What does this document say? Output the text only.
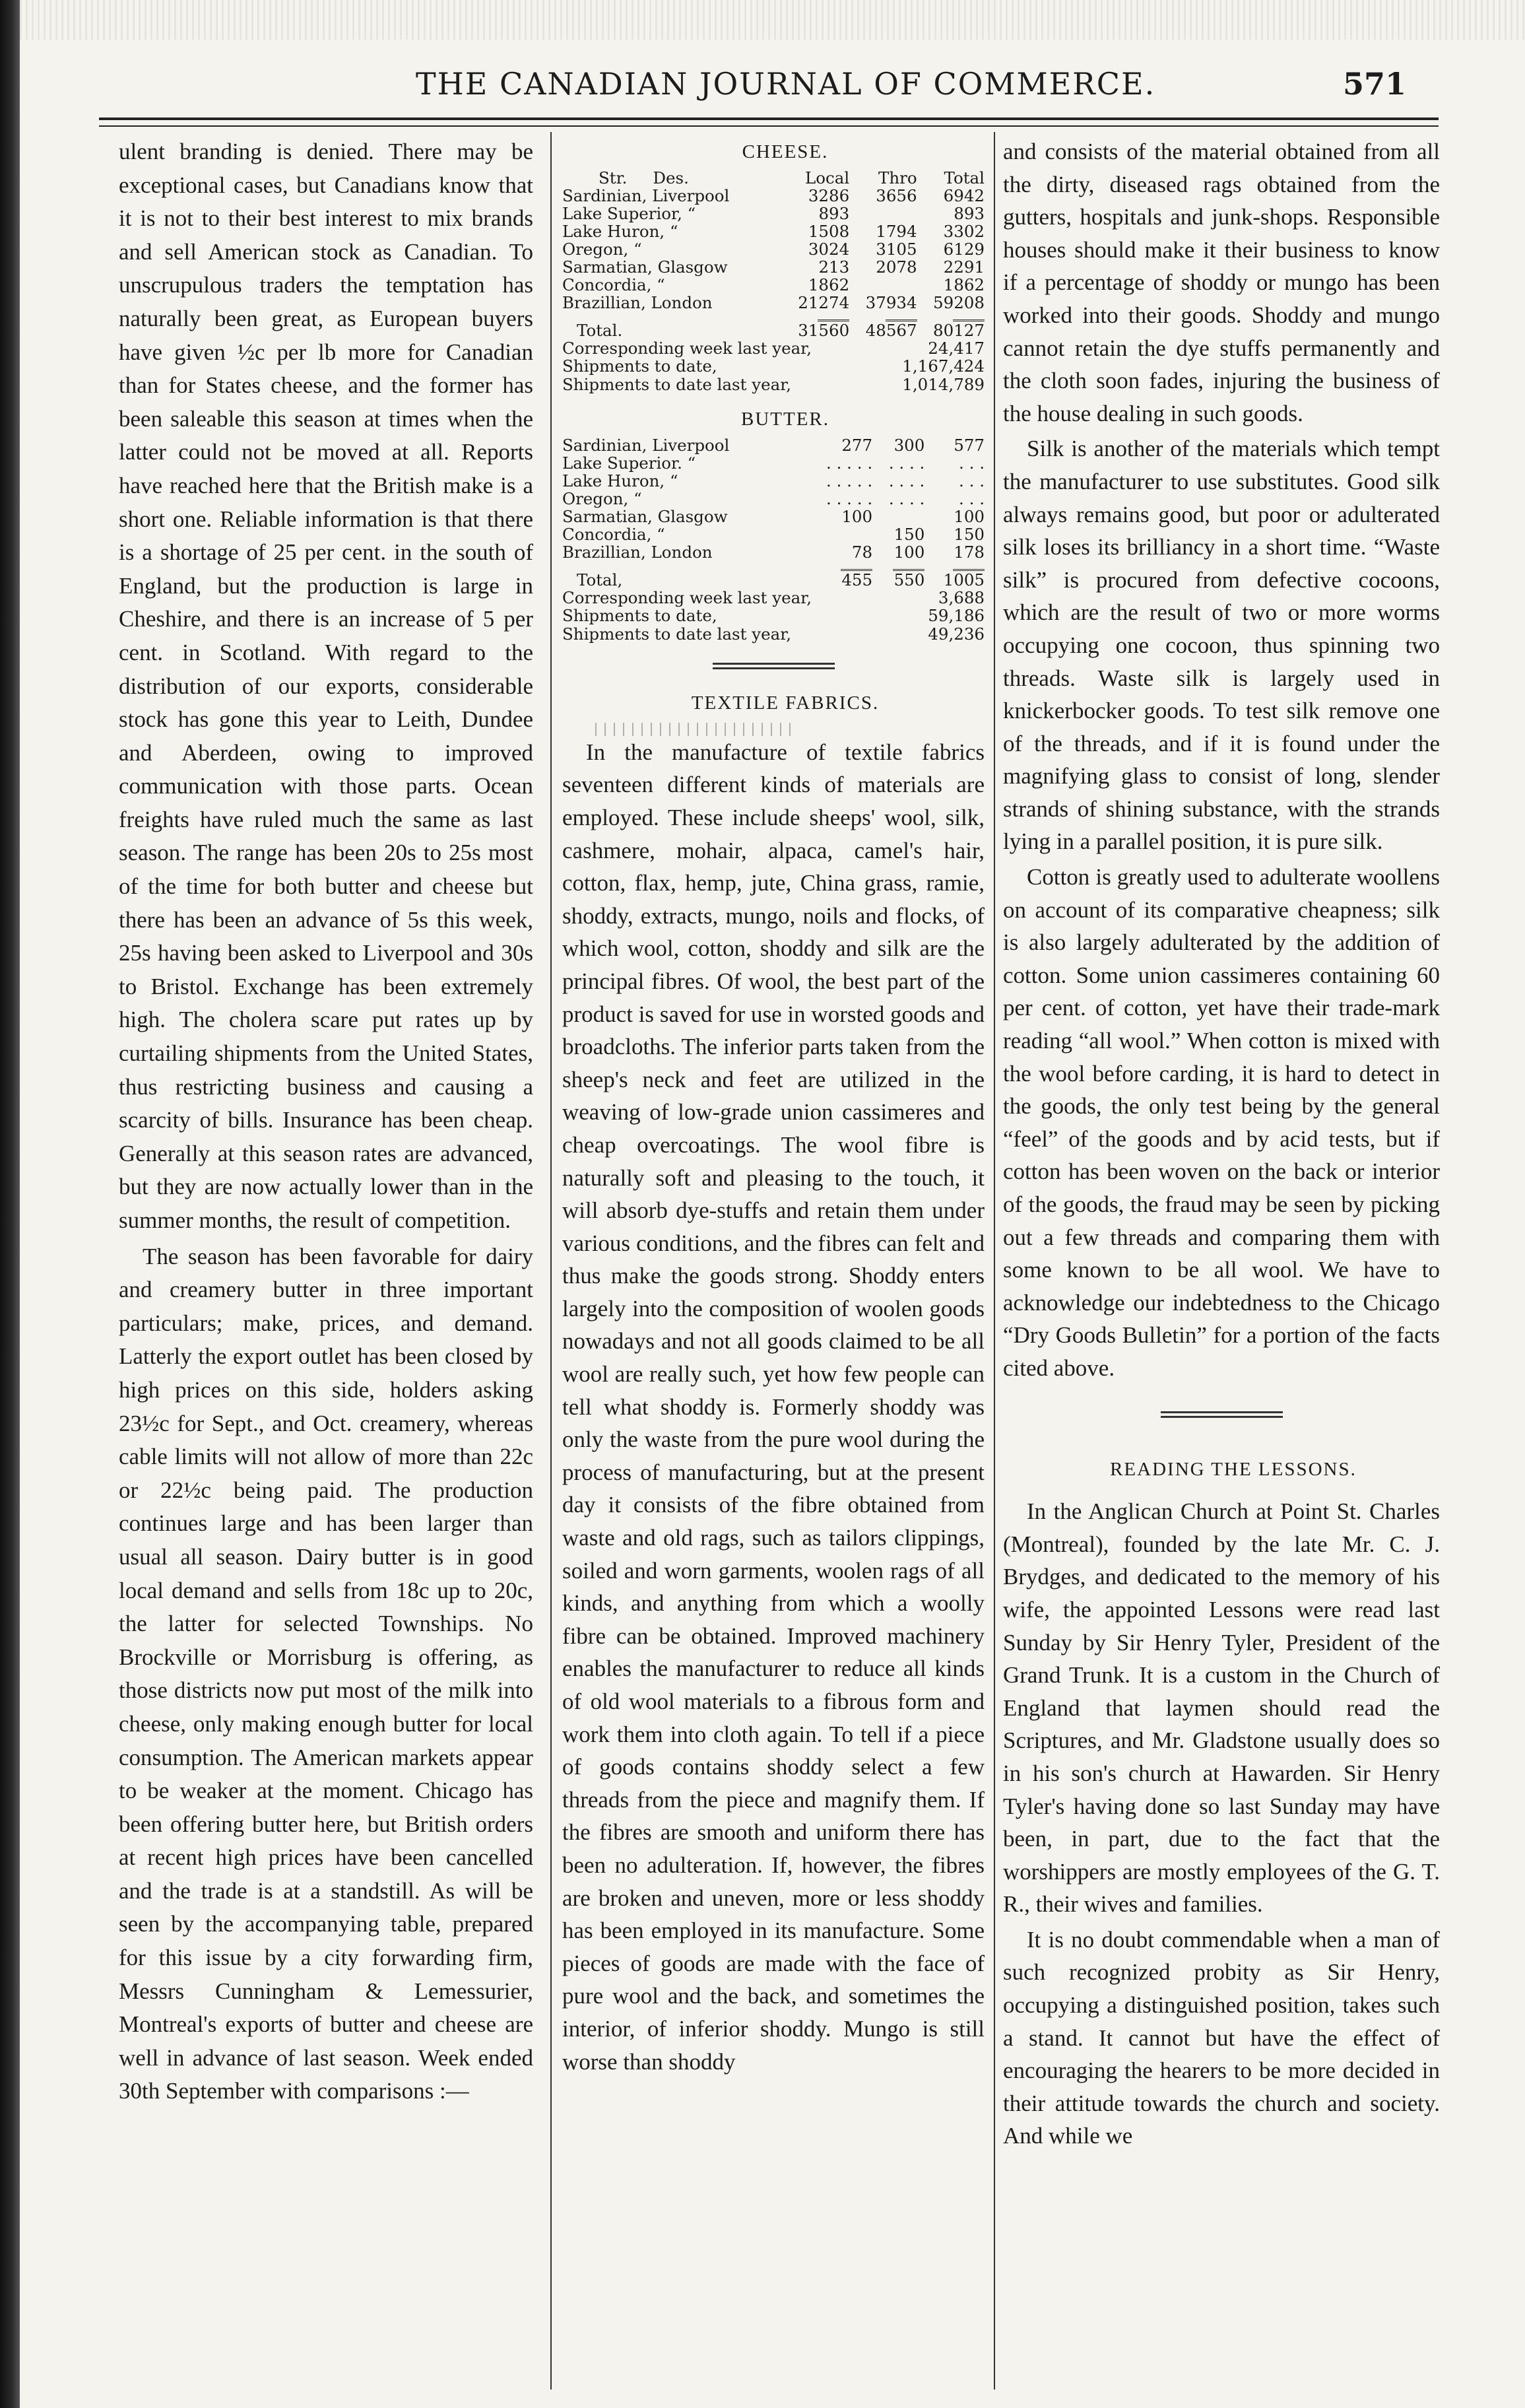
THE CANADIAN JOURNAL OF COMMERCE.	571

ulent branding is denied. There may be exceptional cases, but Canadians know that it is not to their best interest to mix brands and sell American stock as Canadian. To unscrupulous traders the temptation has naturally been great, as European buyers have given ½c per lb more for Canadian than for States cheese, and the former has been saleable this season at times when the latter could not be moved at all. Reports have reached here that the British make is a short one. Reliable information is that there is a shortage of 25 per cent. in the south of England, but the production is large in Cheshire, and there is an increase of 5 per cent. in Scotland. With regard to the distribution of our exports, considerable stock has gone this year to Leith, Dundee and Aberdeen, owing to improved communication with those parts. Ocean freights have ruled much the same as last season. The range has been 20s to 25s most of the time for both butter and cheese but there has been an advance of 5s this week, 25s having been asked to Liverpool and 30s to Bristol. Exchange has been extremely high. The cholera scare put rates up by curtailing shipments from the United States, thus restricting business and causing a scarcity of bills. Insurance has been cheap. Generally at this season rates are advanced, but they are now actually lower than in the summer months, the result of competition.

The season has been favorable for dairy and creamery butter in three important particulars; make, prices, and demand. Latterly the export outlet has been closed by high prices on this side, holders asking 23½c for Sept., and Oct. creamery, whereas cable limits will not allow of more than 22c or 22½c being paid. The production continues large and has been larger than usual all season. Dairy butter is in good local demand and sells from 18c up to 20c, the latter for selected Townships. No Brockville or Morrisburg is offering, as those districts now put most of the milk into cheese, only making enough butter for local consumption. The American markets appear to be weaker at the moment. Chicago has been offering butter here, but British orders at recent high prices have been cancelled and the trade is at a standstill. As will be seen by the accompanying table, prepared for this issue by a city forwarding firm, Messrs Cunningham & Lemessurier, Montreal's exports of butter and cheese are well in advance of last season. Week ended 30th September with comparisons :—

CHEESE.

Str. Des.	Local	Thro	Total
Sardinian, Liverpool	3286	3656	6942
Lake Superior, “	893		893
Lake Huron, “	1508	1794	3302
Oregon, “	3024	3105	6129
Sarmatian, Glasgow	213	2078	2291
Concordia, “	1862		1862
Brazillian, London	21274	37934	59208

Total.	31560	48567	80127
Corresponding week last year,	24,417
Shipments to date,	1,167,424
Shipments to date last year,	1,014,789

BUTTER.

Sardinian, Liverpool	277	300	577
Lake Superior. “	. . . . .	. . . .	. . .
Lake Huron, “	. . . . .	. . . .	. . .
Oregon, “	. . . . .	. . . .	. . .
Sarmatian, Glasgow	100		100
Concordia, “		150	150
Brazillian, London	78	100	178

Total,	455	550	1005
Corresponding week last year,	3,688
Shipments to date,	59,186
Shipments to date last year,	49,236

TEXTILE FABRICS.

In the manufacture of textile fabrics seventeen different kinds of materials are employed. These include sheeps' wool, silk, cashmere, mohair, alpaca, camel's hair, cotton, flax, hemp, jute, China grass, ramie, shoddy, extracts, mungo, noils and flocks, of which wool, cotton, shoddy and silk are the principal fibres. Of wool, the best part of the product is saved for use in worsted goods and broadcloths. The inferior parts taken from the sheep's neck and feet are utilized in the weaving of low-grade union cassimeres and cheap overcoatings. The wool fibre is naturally soft and pleasing to the touch, it will absorb dye-stuffs and retain them under various conditions, and the fibres can felt and thus make the goods strong. Shoddy enters largely into the composition of woolen goods nowadays and not all goods claimed to be all wool are really such, yet how few people can tell what shoddy is. Formerly shoddy was only the waste from the pure wool during the process of manufacturing, but at the present day it consists of the fibre obtained from waste and old rags, such as tailors clippings, soiled and worn garments, woolen rags of all kinds, and anything from which a woolly fibre can be obtained. Improved machinery enables the manufacturer to reduce all kinds of old wool materials to a fibrous form and work them into cloth again. To tell if a piece of goods contains shoddy select a few threads from the piece and magnify them. If the fibres are smooth and uniform there has been no adulteration. If, however, the fibres are broken and uneven, more or less shoddy has been employed in its manufacture. Some pieces of goods are made with the face of pure wool and the back, and sometimes the interior, of inferior shoddy. Mungo is still worse than shoddy

and consists of the material obtained from all the dirty, diseased rags obtained from the gutters, hospitals and junk-shops. Responsible houses should make it their business to know if a percentage of shoddy or mungo has been worked into their goods. Shoddy and mungo cannot retain the dye stuffs permanently and the cloth soon fades, injuring the business of the house dealing in such goods.

Silk is another of the materials which tempt the manufacturer to use substitutes. Good silk always remains good, but poor or adulterated silk loses its brilliancy in a short time. “Waste silk” is procured from defective cocoons, which are the result of two or more worms occupying one cocoon, thus spinning two threads. Waste silk is largely used in knickerbocker goods. To test silk remove one of the threads, and if it is found under the magnifying glass to consist of long, slender strands of shining substance, with the strands lying in a parallel position, it is pure silk.

Cotton is greatly used to adulterate woollens on account of its comparative cheapness; silk is also largely adulterated by the addition of cotton. Some union cassimeres containing 60 per cent. of cotton, yet have their trade-mark reading “all wool.” When cotton is mixed with the wool before carding, it is hard to detect in the goods, the only test being by the general “feel” of the goods and by acid tests, but if cotton has been woven on the back or interior of the goods, the fraud may be seen by picking out a few threads and comparing them with some known to be all wool. We have to acknowledge our indebtedness to the Chicago “Dry Goods Bulletin” for a portion of the facts cited above.

READING THE LESSONS.

In the Anglican Church at Point St. Charles (Montreal), founded by the late Mr. C. J. Brydges, and dedicated to the memory of his wife, the appointed Lessons were read last Sunday by Sir Henry Tyler, President of the Grand Trunk. It is a custom in the Church of England that laymen should read the Scriptures, and Mr. Gladstone usually does so in his son's church at Hawarden. Sir Henry Tyler's having done so last Sunday may have been, in part, due to the fact that the worshippers are mostly employees of the G. T. R., their wives and families.

It is no doubt commendable when a man of such recognized probity as Sir Henry, occupying a distinguished position, takes such a stand. It cannot but have the effect of encouraging the hearers to be more decided in their attitude towards the church and society. And while we
